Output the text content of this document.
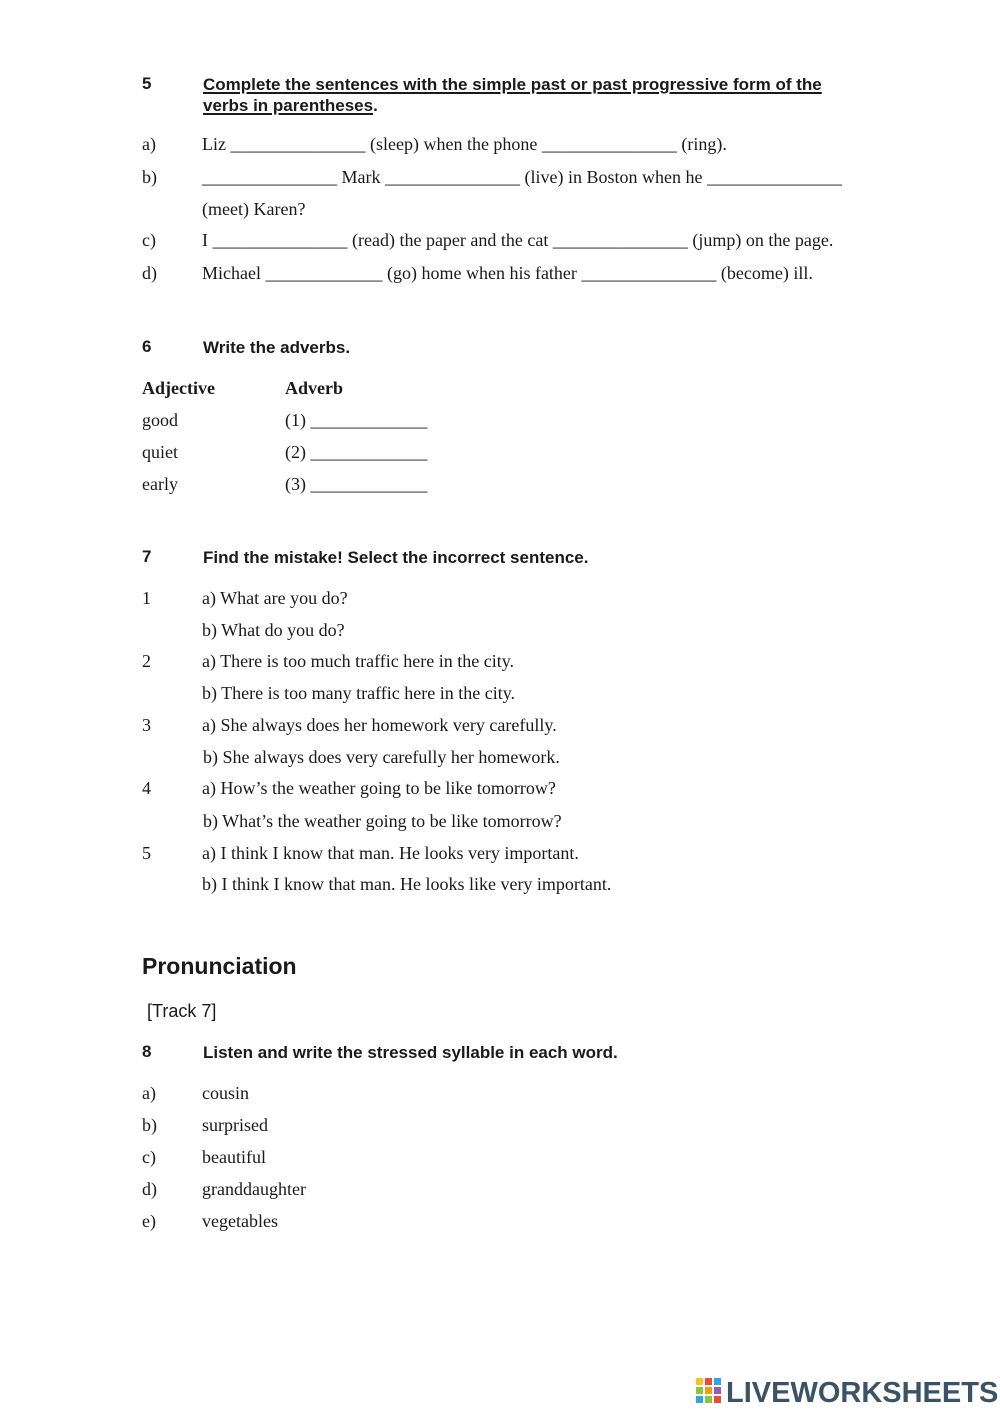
5	Complete the sentences with the simple past or past progressive form of the
verbs in parentheses.
a)	Liz _______________ (sleep) when the phone _______________ (ring).
b)	_______________ Mark _______________ (live) in Boston when he _______________
(meet) Karen?
c)	I _______________ (read) the paper and the cat _______________ (jump) on the page.
d)	Michael _____________ (go) home when his father _______________ (become) ill.
6	Write the adverbs.
Adjective	Adverb
good	(1) _____________
quiet	(2) _____________
early	(3) _____________
7	Find the mistake! Select the incorrect sentence.
1	a) What are you do?
b) What do you do?
2	a) There is too much traffic here in the city.
b) There is too many traffic here in the city.
3	a) She always does her homework very carefully.
b) She always does very carefully her homework.
4	a) How’s the weather going to be like tomorrow?
b) What’s the weather going to be like tomorrow?
5	a) I think I know that man. He looks very important.
b) I think I know that man. He looks like very important.
Pronunciation
[Track 7]
8	Listen and write the stressed syllable in each word.
a)	cousin
b)	surprised
c)	beautiful
d)	granddaughter
e)	vegetables
LIVEWORKSHEETS
